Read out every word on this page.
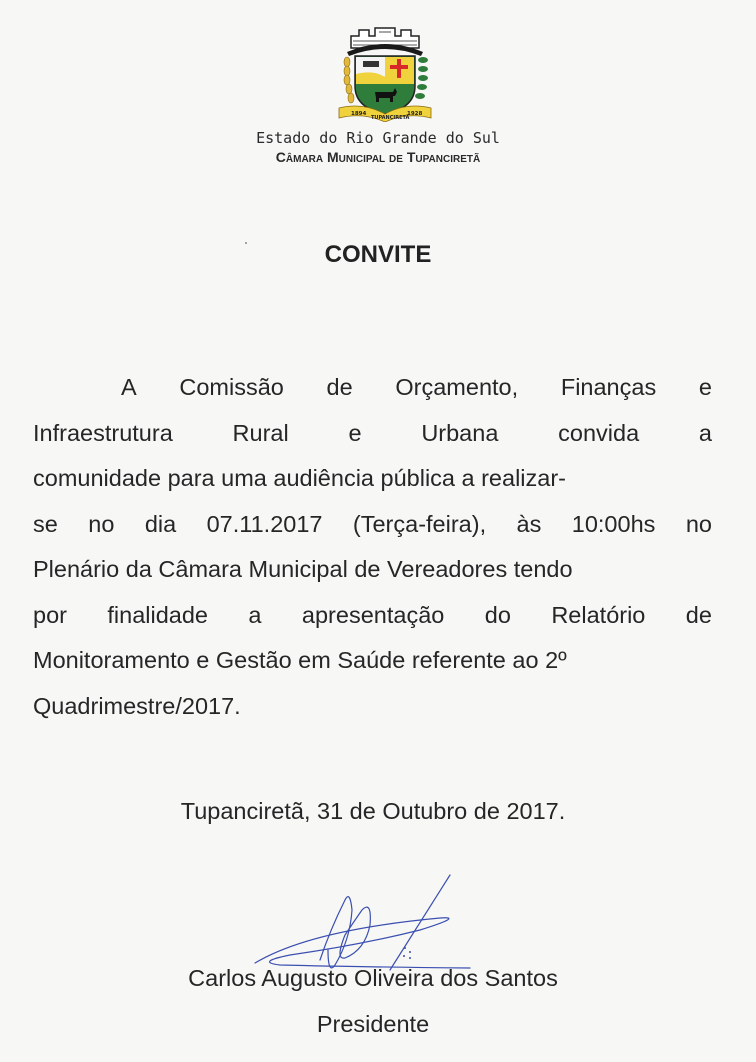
1894
TUPANCIRETÃ
1928
Estado do Rio Grande do Sul
Câmara Municipal de Tupanciretã
CONVITE
A Comissão de Orçamento, Finanças e
Infraestrutura	Rural	e	Urbana	convida	a
comunidade para uma audiência pública a realizar-
se no dia 07.11.2017 (Terça-feira), às 10:00hs no
Plenário da Câmara Municipal de Vereadores tendo
por finalidade a apresentação do Relatório de
Monitoramento e Gestão em Saúde referente ao 2º
Quadrimestre/2017.
Tupanciretã, 31 de Outubro de 2017.
Carlos Augusto Oliveira dos Santos
Presidente
